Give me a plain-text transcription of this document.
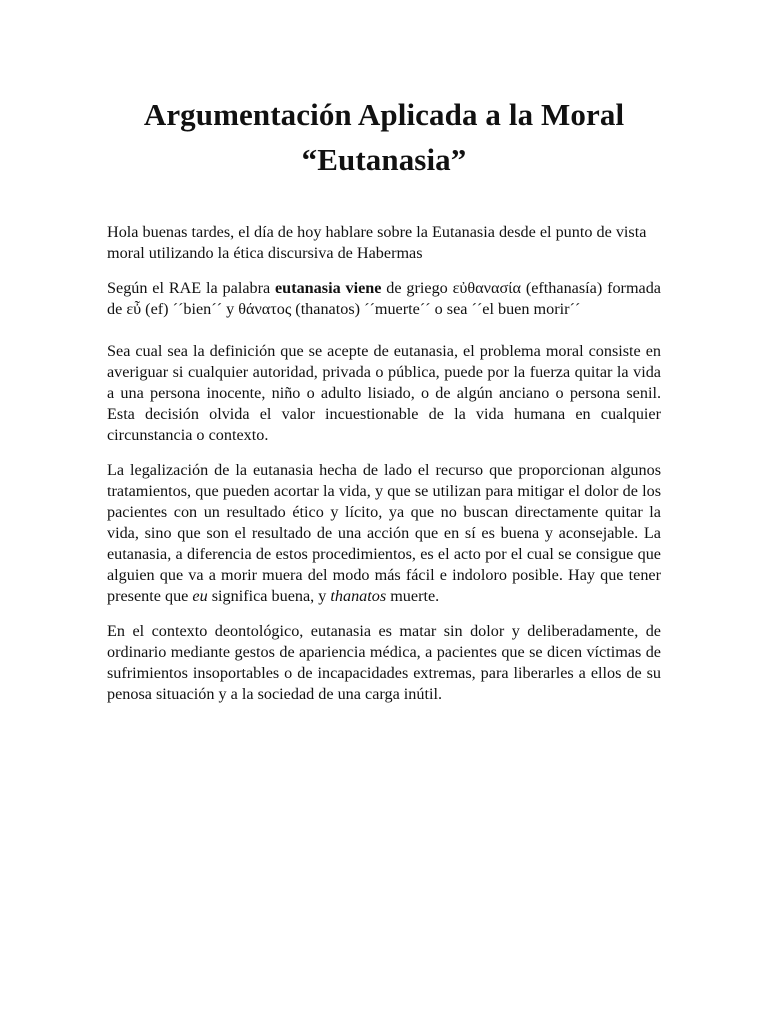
Argumentación Aplicada a la Moral
“Eutanasia”

Hola buenas tardes, el día de hoy hablare sobre la Eutanasia desde el punto de vista moral utilizando la ética discursiva de Habermas

Según el RAE la palabra eutanasia viene de griego εὐθανασία (efthanasía) formada de εὖ (ef) ´´bien´´ y θάνατος (thanatos) ´´muerte´´ o sea ´´el buen morir´´

Sea cual sea la definición que se acepte de eutanasia, el problema moral consiste en averiguar si cualquier autoridad, privada o pública, puede por la fuerza quitar la vida a una persona inocente, niño o adulto lisiado, o de algún anciano o persona senil. Esta decisión olvida el valor incuestionable de la vida humana en cualquier circunstancia o contexto.

La legalización de la eutanasia hecha de lado el recurso que proporcionan algunos tratamientos, que pueden acortar la vida, y que se utilizan para mitigar el dolor de los pacientes con un resultado ético y lícito, ya que no buscan directamente quitar la vida, sino que son el resultado de una acción que en sí es buena y aconsejable. La eutanasia, a diferencia de estos procedimientos, es el acto por el cual se consigue que alguien que va a morir muera del modo más fácil e indoloro posible. Hay que tener presente que eu significa buena, y thanatos muerte.

En el contexto deontológico, eutanasia es matar sin dolor y deliberadamente, de ordinario mediante gestos de apariencia médica, a pacientes que se dicen víctimas de sufrimientos insoportables o de incapacidades extremas, para liberarles a ellos de su penosa situación y a la sociedad de una carga inútil.
